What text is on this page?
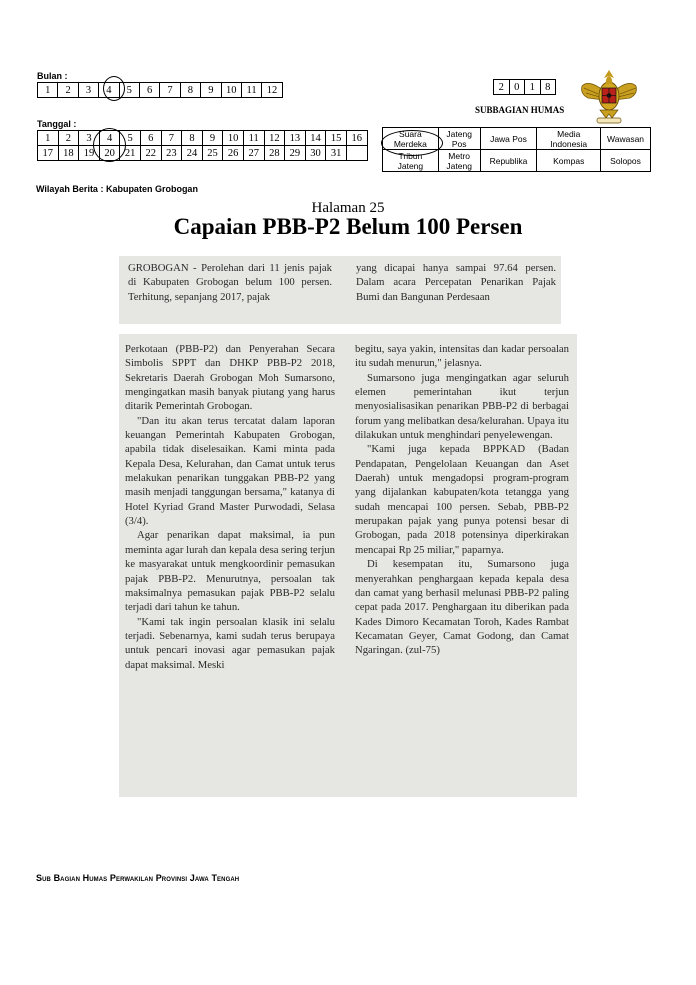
Bulan :
1	2	3	4	5	6	7	8	9	10	11	12
Tanggal :
1	2	3	4	5	6	7	8	9	10	11	12	13	14	15	16
17	18	19	20	21	22	23	24	25	26	27	28	29	30	31	
2	0	1	8
SUBBAGIAN HUMAS
Suara Merdeka	Jateng Pos	Jawa Pos	Media Indonesia	Wawasan
Tribun Jateng	Metro Jateng	Republika	Kompas	Solopos
Wilayah Berita : Kabupaten Grobogan
Halaman 25
Capaian PBB-P2 Belum 100 Persen

GROBOGAN - Perolehan dari 11 jenis pajak di Kabupaten Grobogan belum 100 persen. Terhitung, sepanjang 2017, pajak

yang dicapai hanya sampai 97.64 persen. Dalam acara Percepatan Penarikan Pajak Bumi dan Bangunan Perdesaan

Perkotaan (PBB-P2) dan Penyerahan Secara Simbolis SPPT dan DHKP PBB-P2 2018, Sekretaris Daerah Grobogan Moh Sumarsono, mengingatkan masih banyak piutang yang harus ditarik Pemerintah Grobogan.

"Dan itu akan terus tercatat dalam laporan keuangan Pemerintah Kabupaten Grobogan, apabila tidak diselesaikan. Kami minta pada Kepala Desa, Kelurahan, dan Camat untuk terus melakukan penarikan tunggakan PBB-P2 yang masih menjadi tanggungan bersama," katanya di Hotel Kyriad Grand Master Purwodadi, Selasa (3/4).

Agar penarikan dapat maksimal, ia pun meminta agar lurah dan kepala desa sering terjun ke masyarakat untuk mengkoordinir pemasukan pajak PBB-P2. Menurutnya, persoalan tak maksimalnya pemasukan pajak PBB-P2 selalu terjadi dari tahun ke tahun.

"Kami tak ingin persoalan klasik ini selalu terjadi. Sebenarnya, kami sudah terus berupaya untuk pencari inovasi agar pemasukan pajak dapat maksimal. Meski

begitu, saya yakin, intensitas dan kadar persoalan itu sudah menurun," jelasnya.

Sumarsono juga mengingatkan agar seluruh elemen pemerintahan ikut terjun menyosialisasikan penarikan PBB-P2 di berbagai forum yang melibatkan desa/kelurahan. Upaya itu dilakukan untuk menghindari penyelewengan.

"Kami juga kepada BPPKAD (Badan Pendapatan, Pengelolaan Keuangan dan Aset Daerah) untuk mengadopsi program-program yang dijalankan kabupaten/kota tetangga yang sudah mencapai 100 persen. Sebab, PBB-P2 merupakan pajak yang punya potensi besar di Grobogan, pada 2018 potensinya diperkirakan mencapai Rp 25 miliar," paparnya.

Di kesempatan itu, Sumarsono juga menyerahkan penghargaan kepada kepala desa dan camat yang berhasil melunasi PBB-P2 paling cepat pada 2017. Penghargaan itu diberikan pada Kades Dimoro Kecamatan Toroh, Kades Rambat Kecamatan Geyer, Camat Godong, dan Camat Ngaringan. (zul-75)

Sub Bagian Humas Perwakilan Provinsi Jawa Tengah
